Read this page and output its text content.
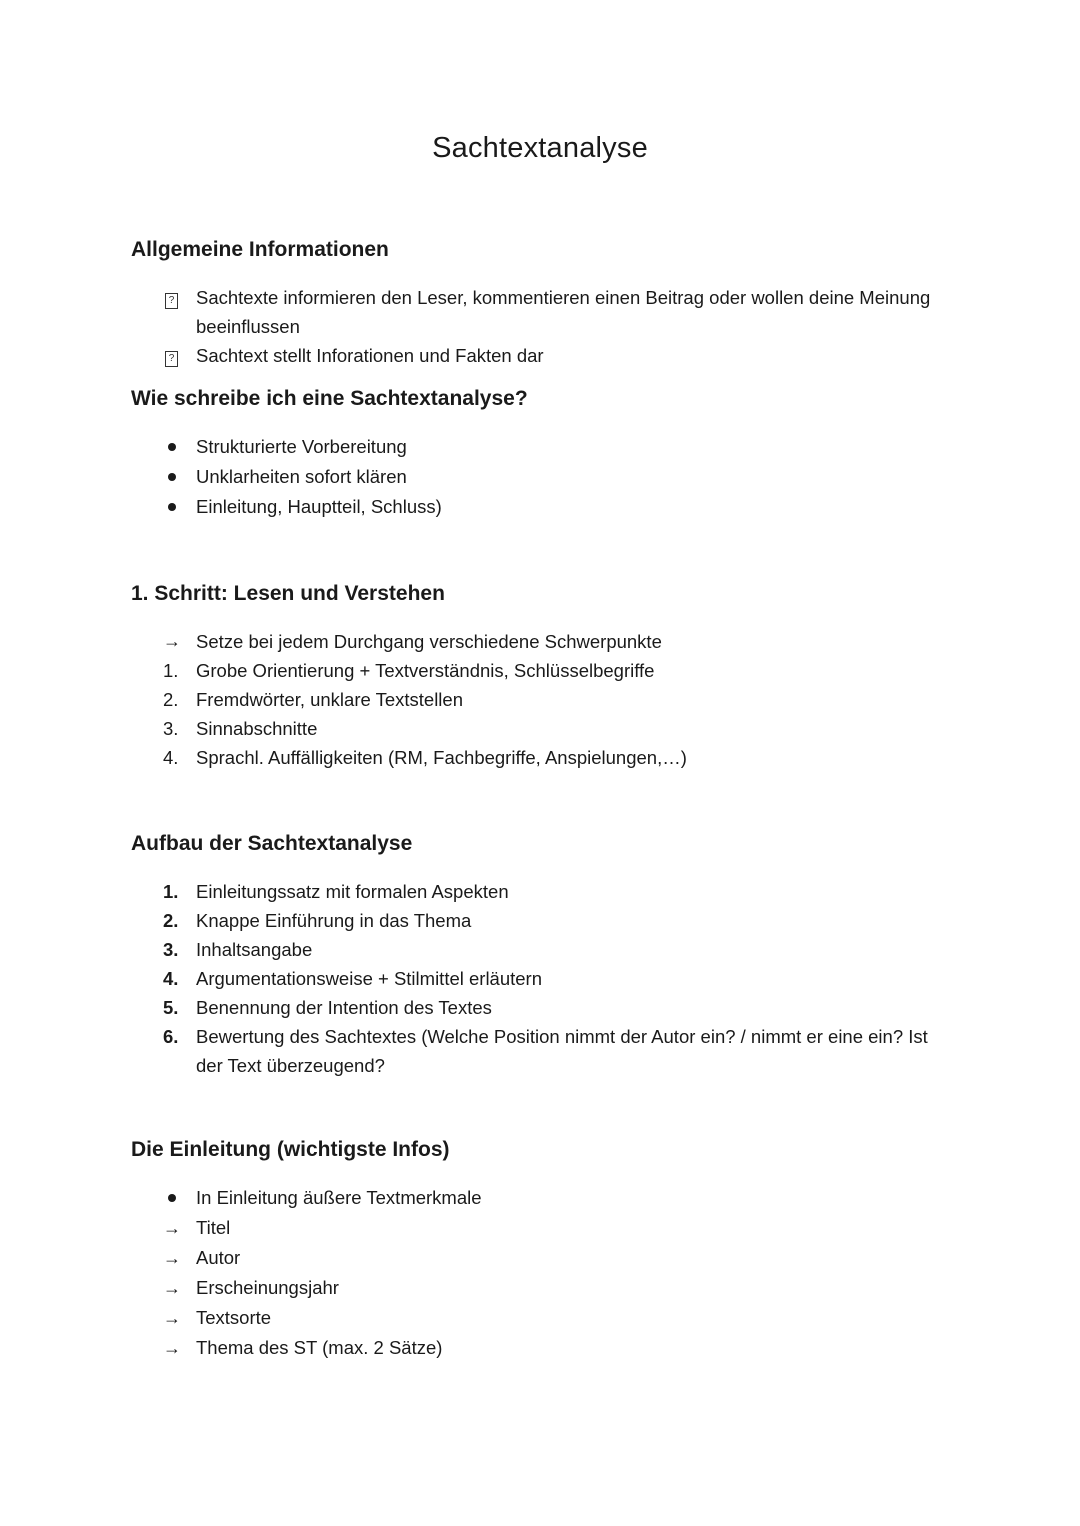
Sachtextanalyse
Allgemeine Informationen
?	Sachtexte informieren den Leser, kommentieren einen Beitrag oder wollen deine Meinung beeinflussen
?	Sachtext stellt Inforationen und Fakten dar
Wie schreibe ich eine Sachtextanalyse?
Strukturierte Vorbereitung
Unklarheiten sofort klären
Einleitung, Hauptteil, Schluss)
1. Schritt: Lesen und Verstehen
→ Setze bei jedem Durchgang verschiedene Schwerpunkte
1. Grobe Orientierung + Textverständnis, Schlüsselbegriffe
2. Fremdwörter, unklare Textstellen
3. Sinnabschnitte
4. Sprachl. Auffälligkeiten (RM, Fachbegriffe, Anspielungen,…)
Aufbau der Sachtextanalyse
1. Einleitungssatz mit formalen Aspekten
2. Knappe Einführung in das Thema
3. Inhaltsangabe
4. Argumentationsweise + Stilmittel erläutern
5. Benennung der Intention des Textes
6. Bewertung des Sachtextes (Welche Position nimmt der Autor ein? / nimmt er eine ein? Ist der Text überzeugend?
Die Einleitung (wichtigste Infos)
In Einleitung äußere Textmerkmale
→ Titel
→ Autor
→ Erscheinungsjahr
→ Textsorte
→ Thema des ST (max. 2 Sätze)
